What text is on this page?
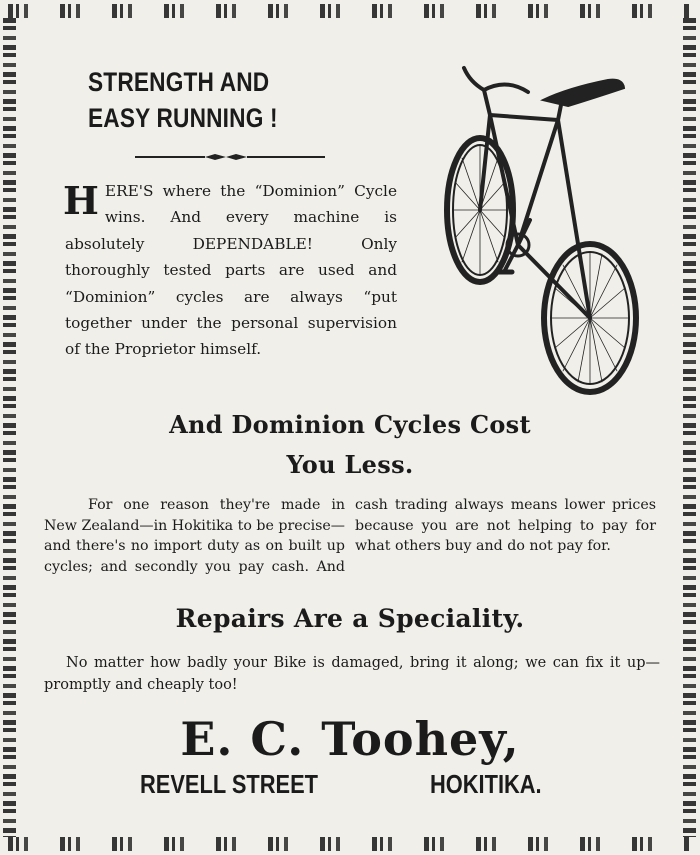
STRENGTH AND
EASY RUNNING !
H ERE'S where the “Dominion” Cycle wins. And every machine is absolutely DEPENDABLE! Only thoroughly tested parts are used and “Dominion” cycles are always “put together under the personal supervision of the Proprietor himself.
And Dominion Cycles Cost
You Less.
For one reason they're made in New Zealand—in Hokitika to be precise—and there's no import duty as on built up cycles; and secondly you pay cash. And cash trading always means lower prices because you are not helping to pay for what others buy and do not pay for.
Repairs Are a Speciality.
No matter how badly your Bike is damaged, bring it along; we can fix it up—promptly and cheaply too!
E. C. Toohey,
REVELL STREET	HOKITIKA.
